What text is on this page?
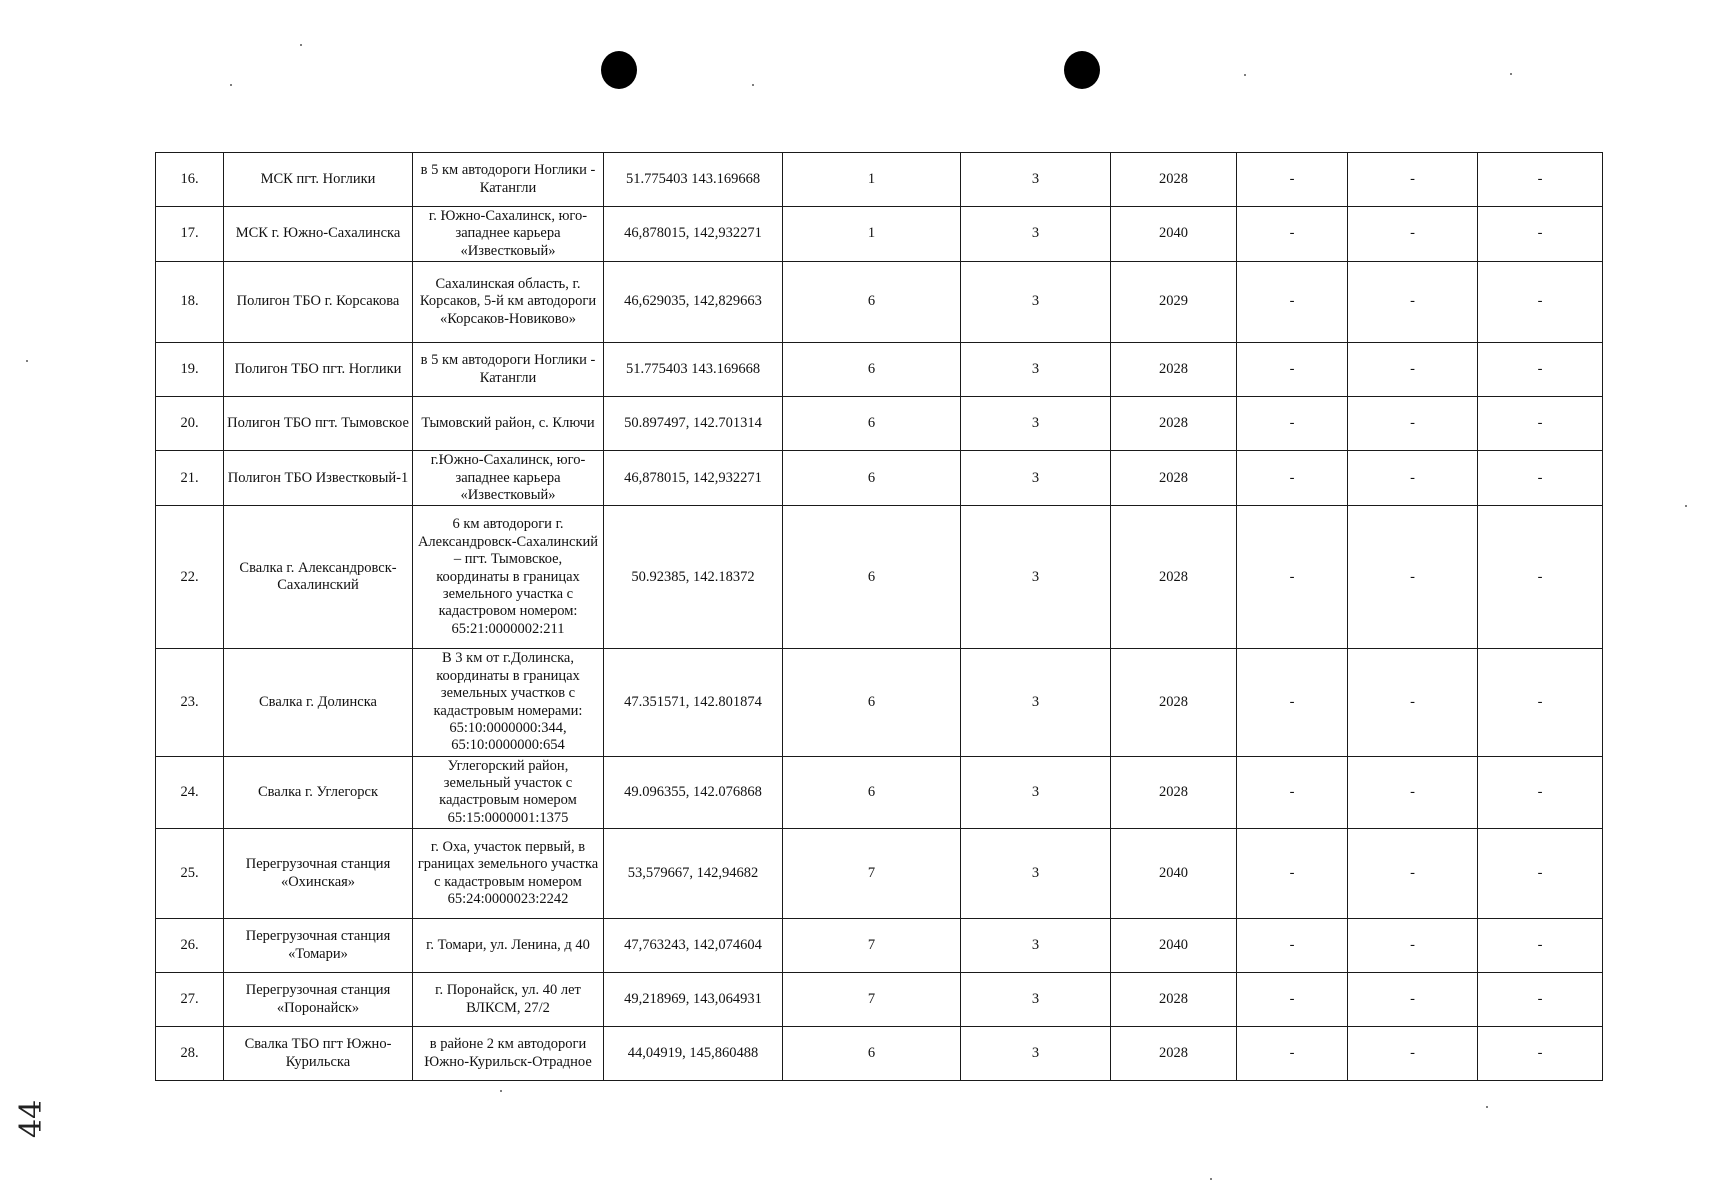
16.	МСК пгт. Ноглики	в 5 км автодороги Ноглики - Катангли	51.775403 143.169668	1	3	2028	-	-	-
17.	МСК г. Южно-Сахалинска	г. Южно-Сахалинск, юго-западнее карьера «Известковый»	46,878015, 142,932271	1	3	2040	-	-	-
18.	Полигон ТБО г. Корсакова	Сахалинская область, г. Корсаков, 5-й км автодороги «Корсаков-Новиково»	46,629035, 142,829663	6	3	2029	-	-	-
19.	Полигон ТБО пгт. Ноглики	в 5 км автодороги Ноглики - Катангли	51.775403 143.169668	6	3	2028	-	-	-
20.	Полигон ТБО пгт. Тымовское	Тымовский район, с. Ключи	50.897497, 142.701314	6	3	2028	-	-	-
21.	Полигон ТБО Известковый-1	г.Южно-Сахалинск, юго-западнее карьера «Известковый»	46,878015, 142,932271	6	3	2028	-	-	-
22.	Свалка г. Александровск-Сахалинский	6 км автодороги г. Александровск-Сахалинский – пгт. Тымовское, координаты в границах земельного участка с кадастровом номером: 65:21:0000002:211	50.92385, 142.18372	6	3	2028	-	-	-
23.	Свалка г. Долинска	В 3 км от г.Долинска, координаты в границах земельных участков с кадастровым номерами: 65:10:0000000:344, 65:10:0000000:654	47.351571, 142.801874	6	3	2028	-	-	-
24.	Свалка г. Углегорск	Углегорский район, земельный участок с кадастровым номером 65:15:0000001:1375	49.096355, 142.076868	6	3	2028	-	-	-
25.	Перегрузочная станция «Охинская»	г. Оха, участок первый, в границах земельного участка с кадастровым номером 65:24:0000023:2242	53,579667, 142,94682	7	3	2040	-	-	-
26.	Перегрузочная станция «Томари»	г. Томари, ул. Ленина, д 40	47,763243, 142,074604	7	3	2040	-	-	-
27.	Перегрузочная станция «Поронайск»	г. Поронайск, ул. 40 лет ВЛКСМ, 27/2	49,218969, 143,064931	7	3	2028	-	-	-
28.	Свалка ТБО пгт Южно-Курильска	в районе 2 км автодороги Южно-Курильск-Отрадное	44,04919, 145,860488	6	3	2028	-	-	-
44
